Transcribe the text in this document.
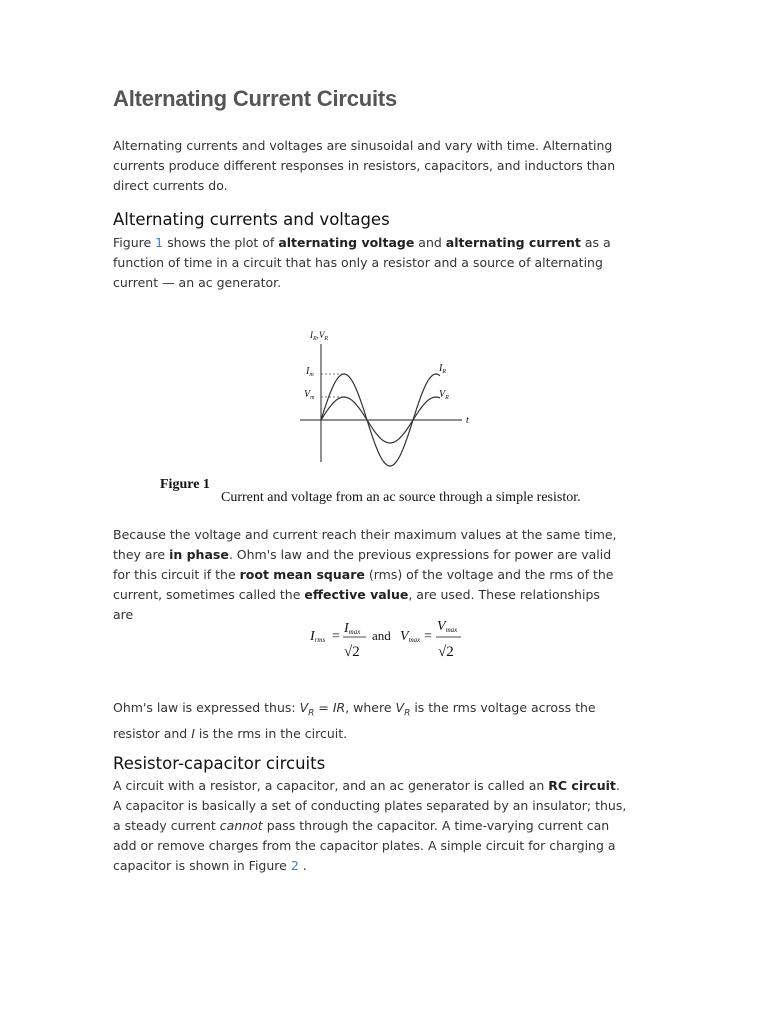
Alternating Current Circuits
Alternating currents and voltages are sinusoidal and vary with time. Alternating
currents produce different responses in resistors, capacitors, and inductors than
direct currents do.
Alternating currents and voltages
Figure 1 shows the plot of alternating voltage and alternating current as a
function of time in a circuit that has only a resistor and a source of alternating
current — an ac generator.
$I_R,V_R$
$I_m$
$V_m$
$I_R$
$V_R$
t
Figure 1
Current and voltage from an ac source through a simple resistor.
Because the voltage and current reach their maximum values at the same time,
they are in phase. Ohm's law and the previous expressions for power are valid
for this circuit if the root mean square (rms) of the voltage and the rms of the
current, sometimes called the effective value, are used. These relationships
are
Irms =
Imax
√2
and Vmax =
Vmax
√2
Ohm's law is expressed thus: $V_R$ = IR, where $V_R$ is the rms voltage across the
resistor and I is the rms in the circuit.
Resistor-capacitor circuits
A circuit with a resistor, a capacitor, and an ac generator is called an RC circuit.
A capacitor is basically a set of conducting plates separated by an insulator; thus,
a steady current cannot pass through the capacitor. A time-varying current can
add or remove charges from the capacitor plates. A simple circuit for charging a
capacitor is shown in Figure 2 .
